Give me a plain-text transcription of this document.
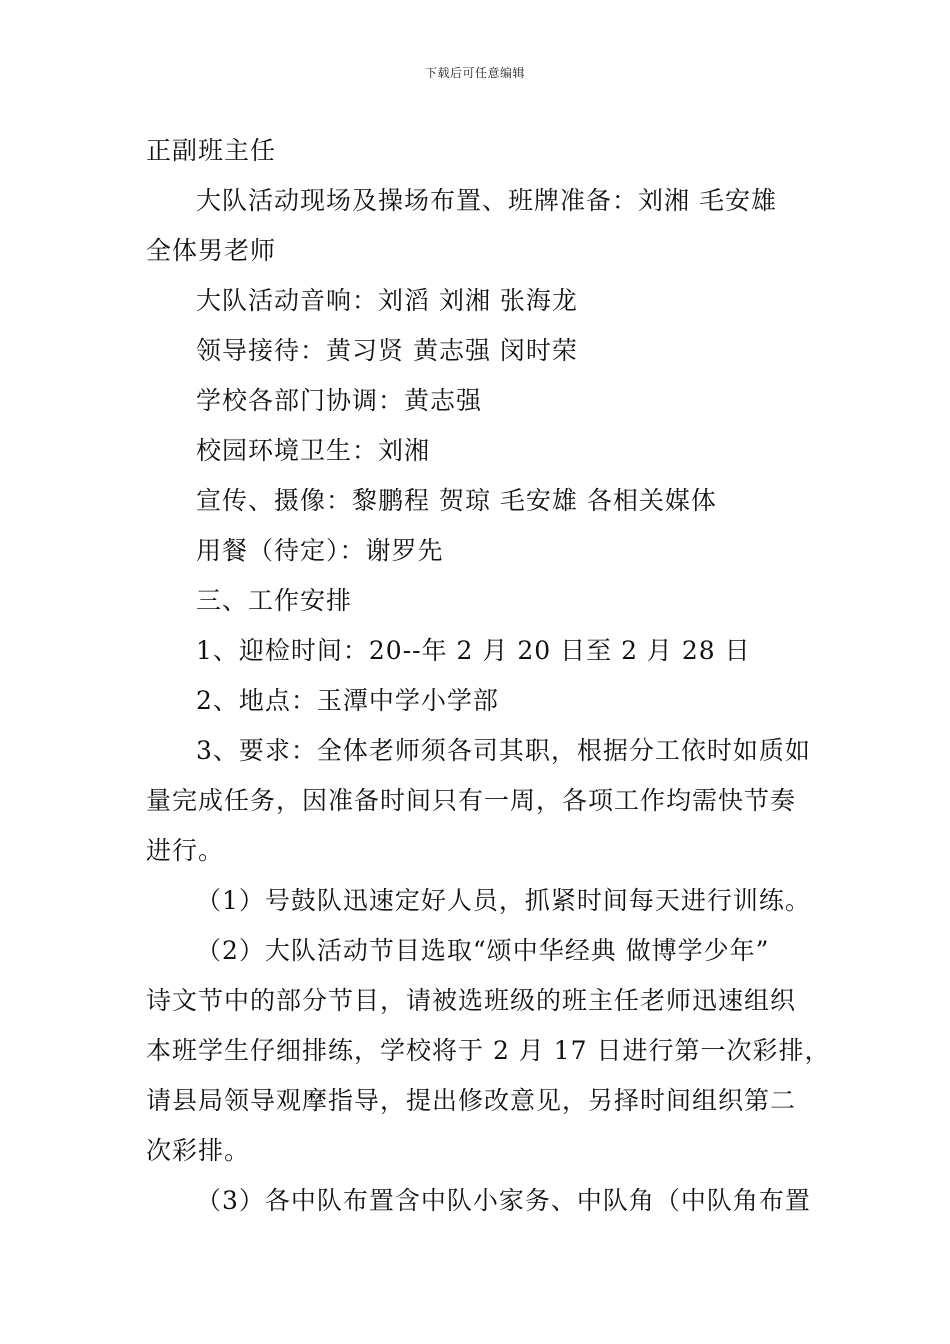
下载后可任意编辑
正副班主任
大队活动现场及操场布置、班牌准备：刘湘 毛安雄
全体男老师
大队活动音响：刘滔 刘湘 张海龙
领导接待：黄习贤 黄志强 闵时荣
学校各部门协调：黄志强
校园环境卫生：刘湘
宣传、摄像：黎鹏程 贺琼 毛安雄 各相关媒体
用餐（待定）：谢罗先
三、工作安排
1、迎检时间：20--年 2 月 20 日至 2 月 28 日
2、地点：玉潭中学小学部
3、要求：全体老师须各司其职，根据分工依时如质如
量完成任务，因准备时间只有一周，各项工作均需快节奏
进行。
（1）号鼓队迅速定好人员，抓紧时间每天进行训练。
（2）大队活动节目选取“颂中华经典 做博学少年”
诗文节中的部分节目，请被选班级的班主任老师迅速组织
本班学生仔细排练，学校将于 2 月 17 日进行第一次彩排，
请县局领导观摩指导，提出修改意见，另择时间组织第二
次彩排。
（3）各中队布置含中队小家务、中队角（中队角布置
